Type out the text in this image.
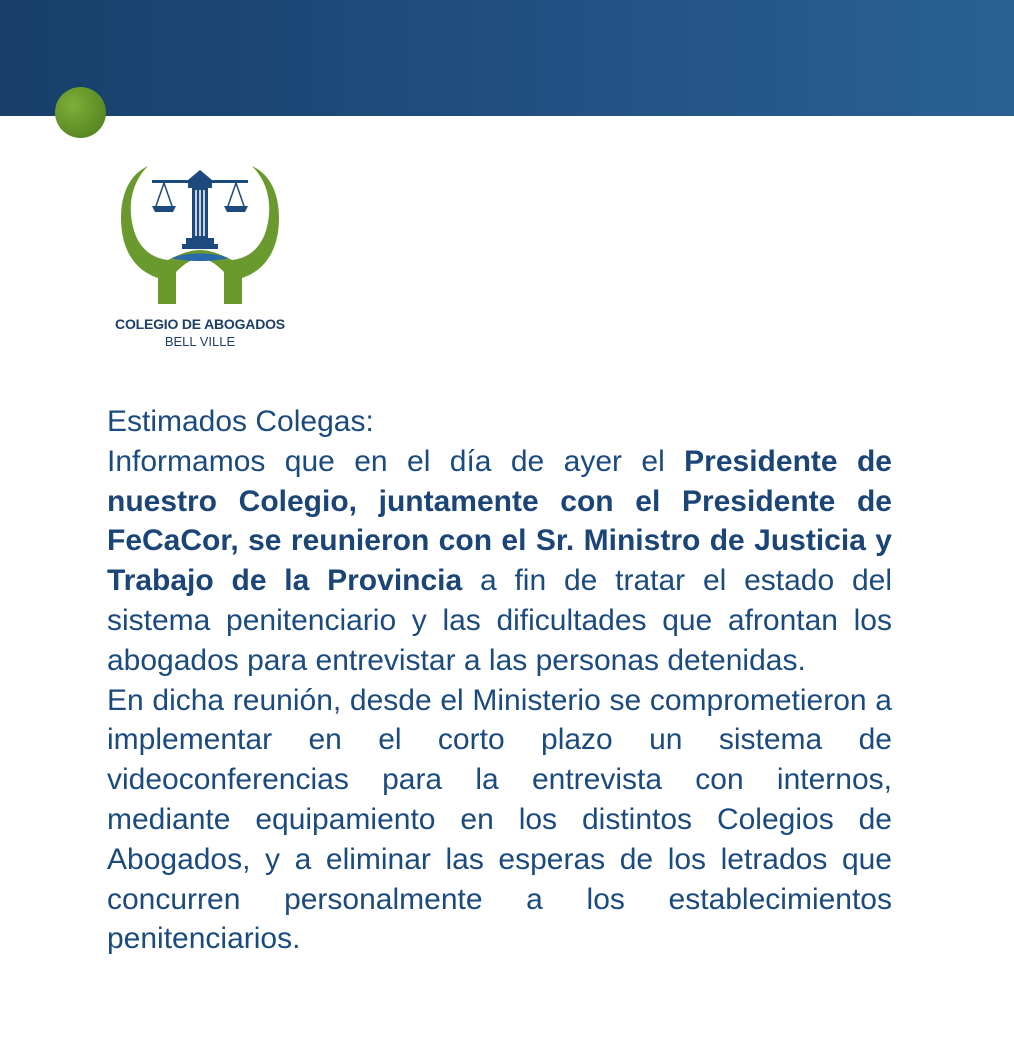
COLEGIO DE ABOGADOS
BELL VILLE

Estimados Colegas:

Informamos que en el día de ayer el Presidente de nuestro Colegio, juntamente con el Presidente de FeCaCor, se reunieron con el Sr. Ministro de Justicia y Trabajo de la Provincia a fin de tratar el estado del sistema penitenciario y las dificultades que afrontan los abogados para entrevistar a las personas detenidas.

En dicha reunión, desde el Ministerio se comprometieron a implementar en el corto plazo un sistema de videoconferencias para la entrevista con internos, mediante equipamiento en los distintos Colegios de Abogados, y a eliminar las esperas de los letrados que concurren personalmente a los establecimientos penitenciarios.
